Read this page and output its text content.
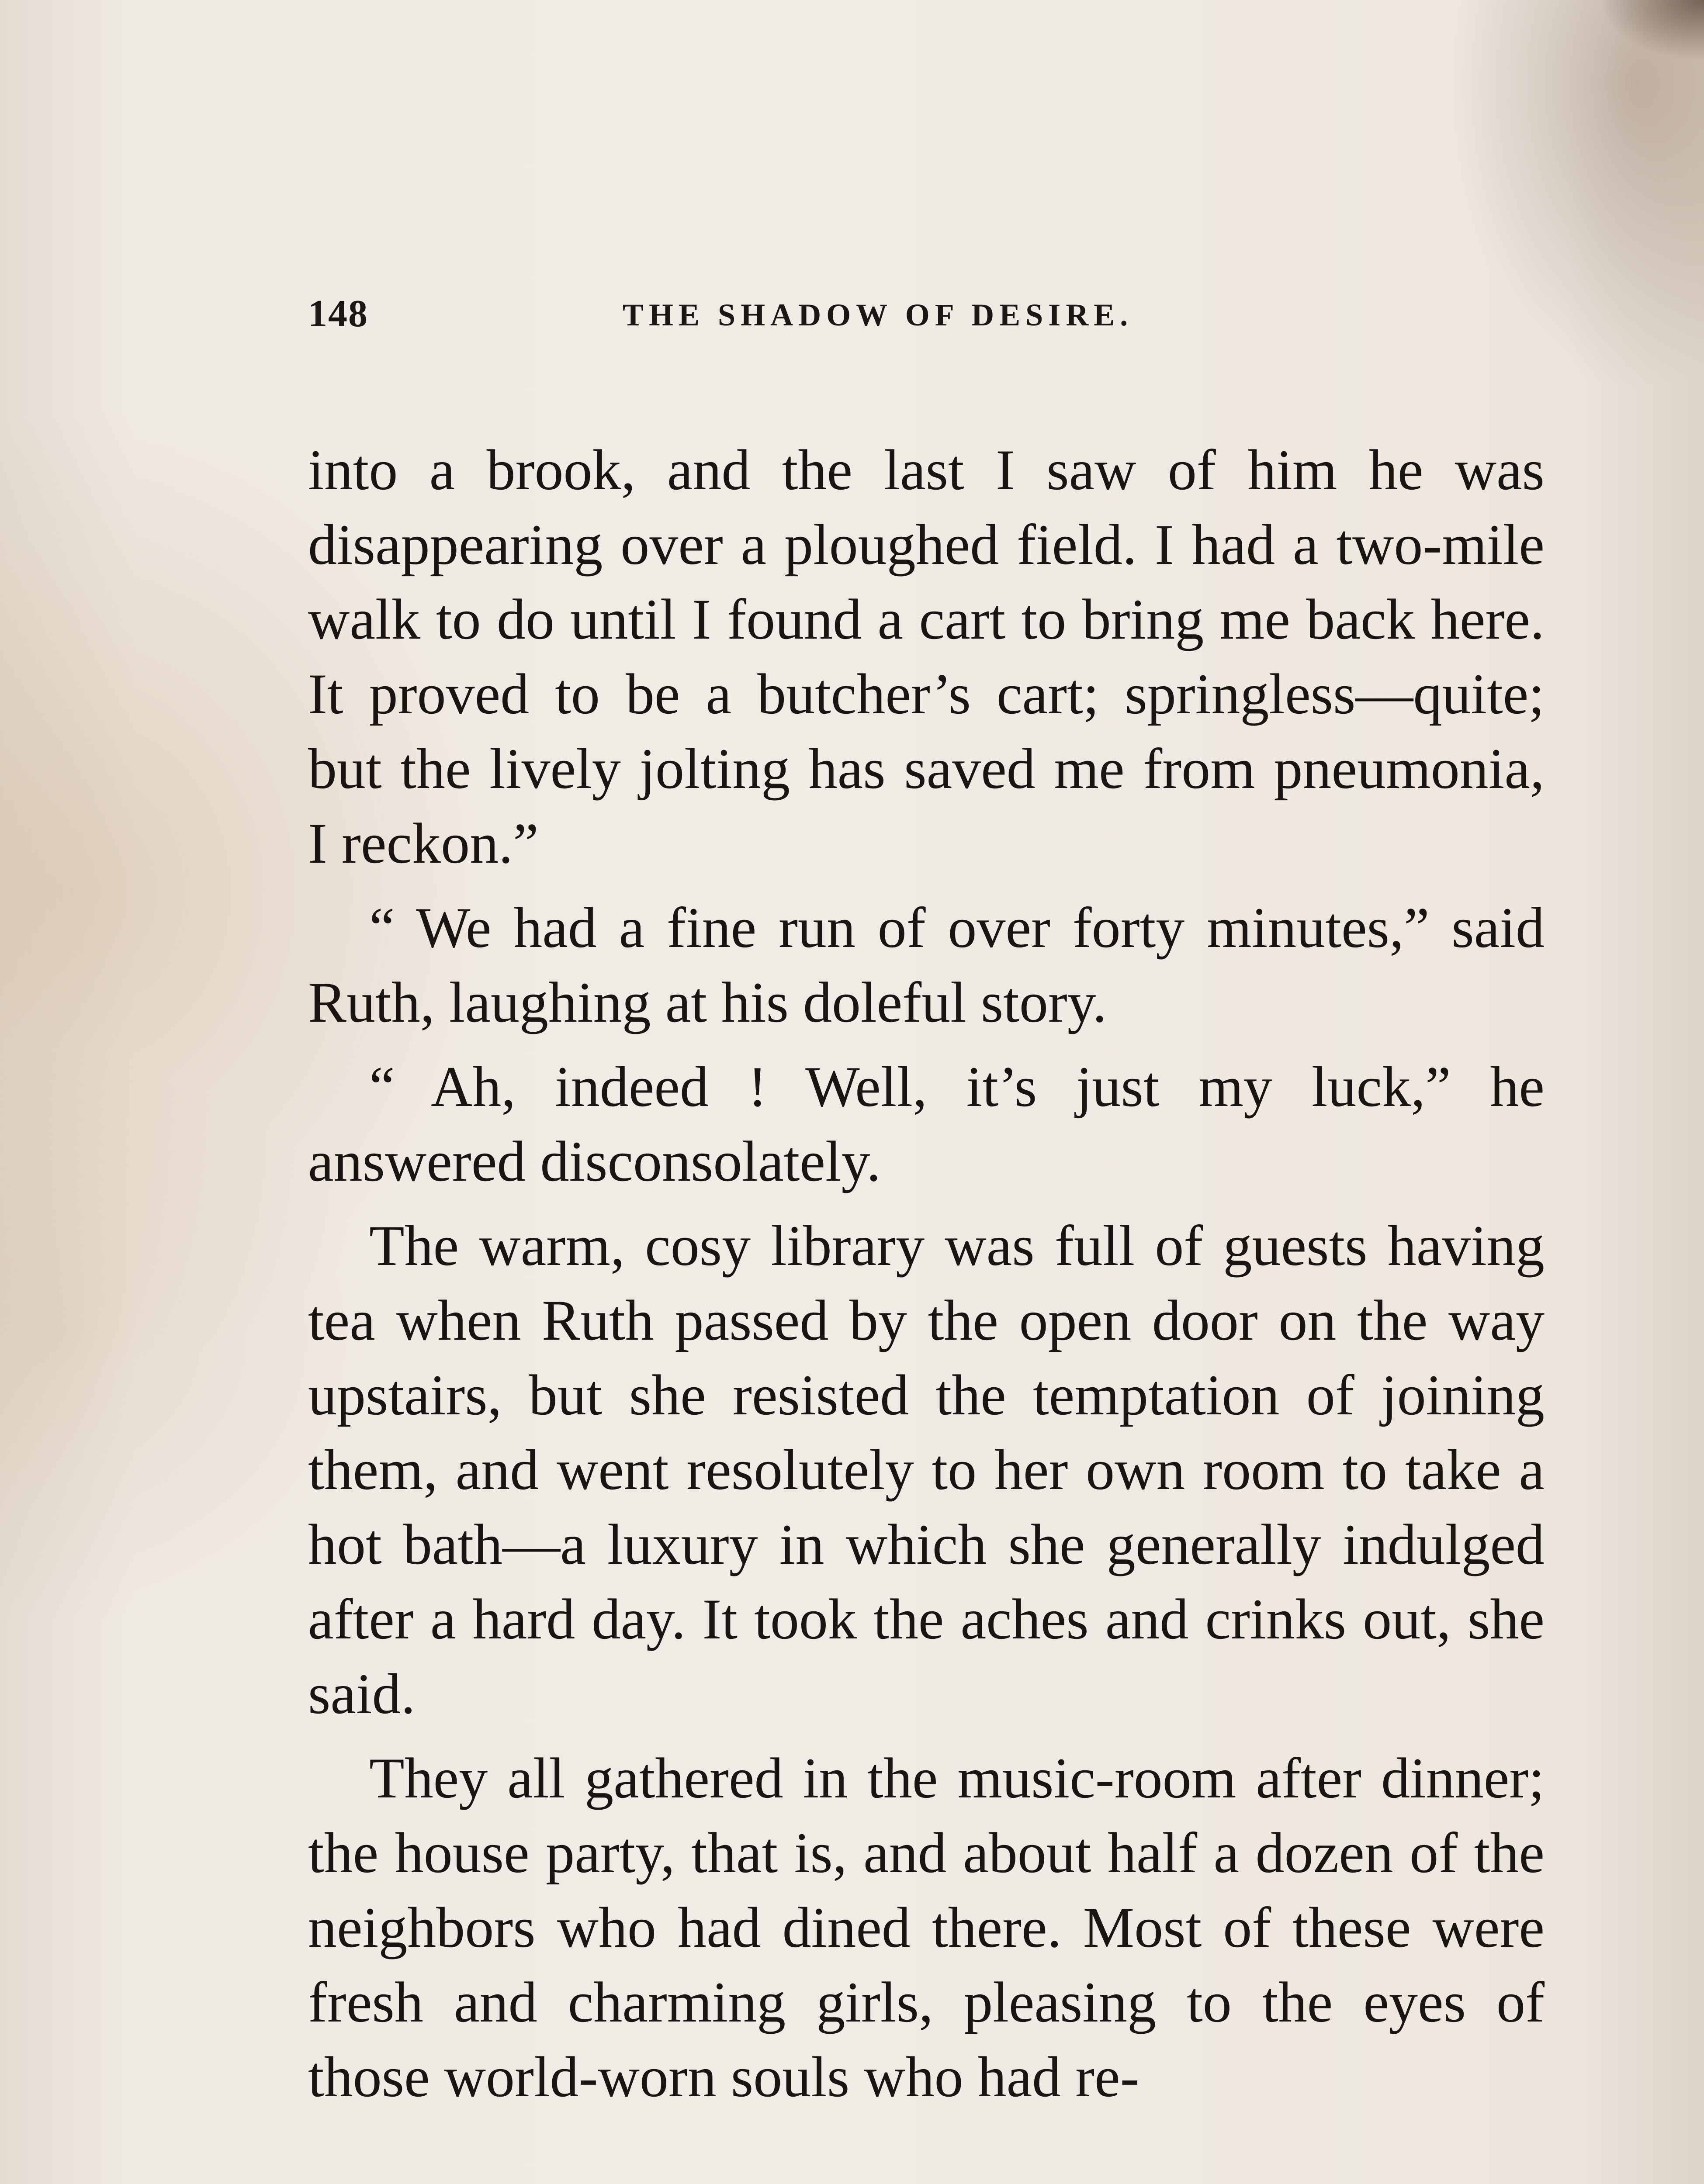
148	THE SHADOW OF DESIRE.

into a brook, and the last I saw of him he was disappearing over a ploughed field. I had a two-mile walk to do until I found a cart to bring me back here. It proved to be a butcher’s cart; springless—quite; but the lively jolting has saved me from pneumonia, I reckon.”

“ We had a fine run of over forty minutes,” said Ruth, laughing at his doleful story.

“ Ah, indeed ! Well, it’s just my luck,” he answered disconsolately.

The warm, cosy library was full of guests having tea when Ruth passed by the open door on the way upstairs, but she resisted the temptation of joining them, and went resolutely to her own room to take a hot bath—a luxury in which she generally indulged after a hard day. It took the aches and crinks out, she said.

They all gathered in the music-room after dinner; the house party, that is, and about half a dozen of the neighbors who had dined there. Most of these were fresh and charming girls, pleasing to the eyes of those world-worn souls who had re-
